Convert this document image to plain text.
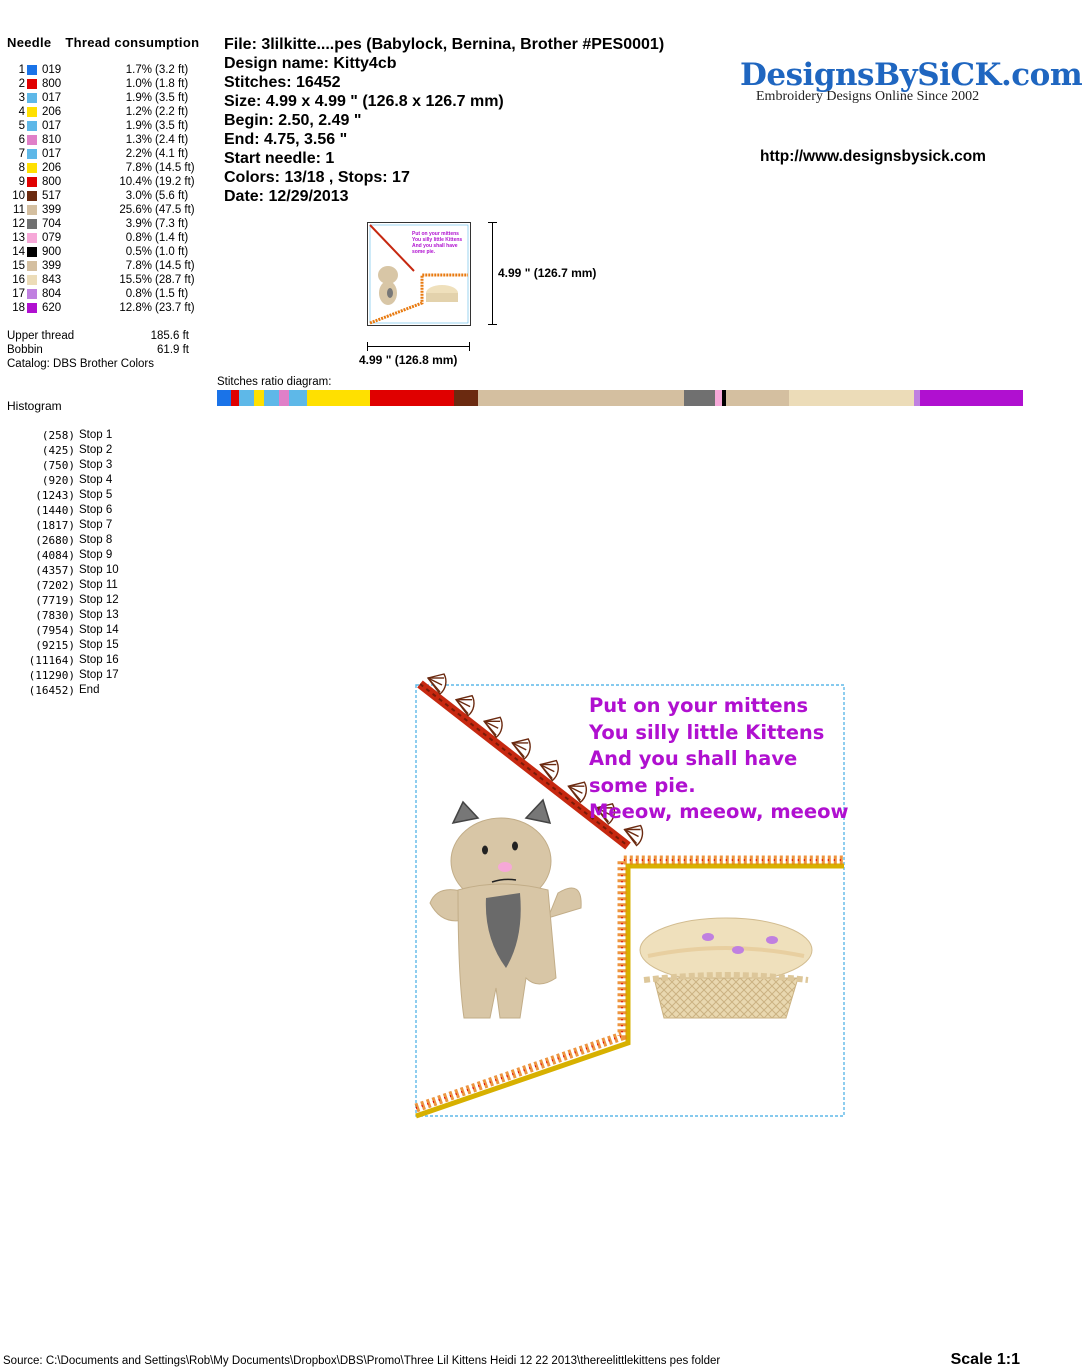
Needle Thread consumption
1 019	1.7% (3.2 ft)
2 800	1.0% (1.8 ft)
3 017	1.9% (3.5 ft)
4 206	1.2% (2.2 ft)
5 017	1.9% (3.5 ft)
6 810	1.3% (2.4 ft)
7 017	2.2% (4.1 ft)
8 206	7.8% (14.5 ft)
9 800	10.4% (19.2 ft)
10 517	3.0% (5.6 ft)
11 399	25.6% (47.5 ft)
12 704	3.9% (7.3 ft)
13 079	0.8% (1.4 ft)
14 900	0.5% (1.0 ft)
15 399	7.8% (14.5 ft)
16 843	15.5% (28.7 ft)
17 804	0.8% (1.5 ft)
18 620	12.8% (23.7 ft)
Upper thread	185.6 ft
Bobbin	61.9 ft
Catalog: DBS Brother Colors
File: 3lilkitte....pes (Babylock, Bernina, Brother #PES0001)
Design name: Kitty4cb
Stitches: 16452
Size: 4.99 x 4.99 " (126.8 x 126.7 mm)
Begin: 2.50, 2.49 "
End: 4.75, 3.56 "
Start needle: 1
Colors: 13/18 , Stops: 17
Date: 12/29/2013
DesignsBySiCK.com
Embroidery Designs Online Since 2002
http://www.designsbysick.com
Put on your mittens
You silly little Kittens
And you shall have
some pie.
4.99 " (126.7 mm)
4.99 " (126.8 mm)
Stitches ratio diagram:
Histogram
(258) Stop 1
(425) Stop 2
(750) Stop 3
(920) Stop 4
(1243) Stop 5
(1440) Stop 6
(1817) Stop 7
(2680) Stop 8
(4084) Stop 9
(4357) Stop 10
(7202) Stop 11
(7719) Stop 12
(7830) Stop 13
(7954) Stop 14
(9215) Stop 15
(11164) Stop 16
(11290) Stop 17
(16452) End
Put on your mittens
You silly little Kittens
And you shall have
some pie.
Meeow, meeow, meeow
Source: C:\Documents and Settings\Rob\My Documents\Dropbox\DBS\Promo\Three Lil Kittens Heidi 12 22 2013\thereelittlekittens pes folder	Scale 1:1
